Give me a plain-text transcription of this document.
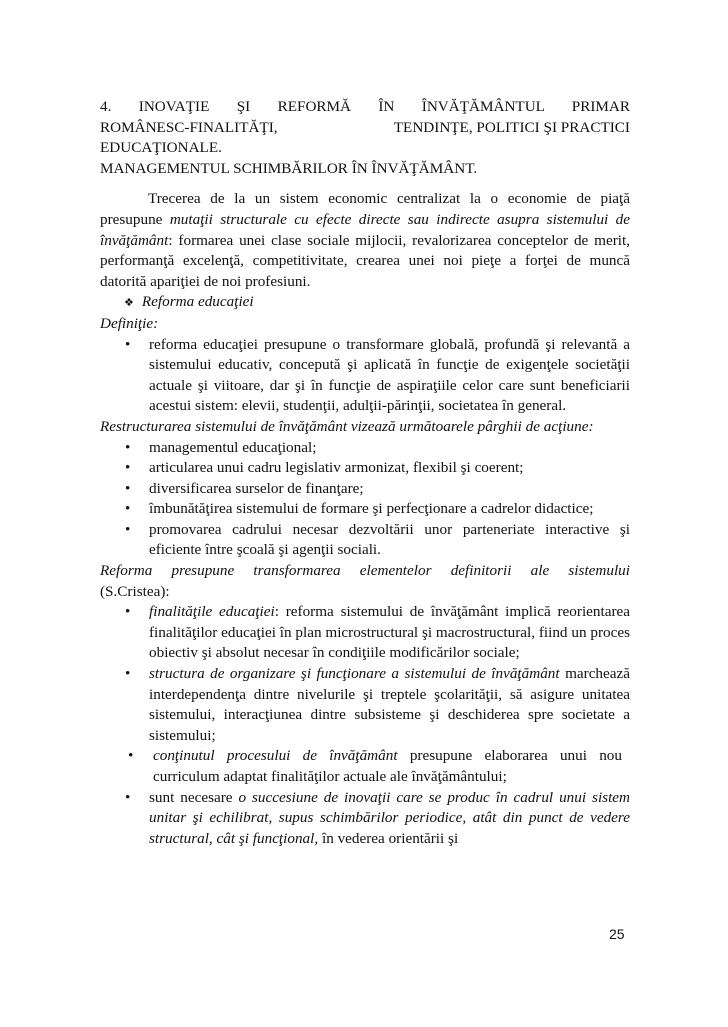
4. INOVAŢIE ŞI REFORMĂ ÎN ÎNVĂŢĂMÂNTUL PRIMAR
ROMÂNESC-FINALITĂŢI,	TENDINŢE, POLITICI ŞI PRACTICI
EDUCAŢIONALE.
MANAGEMENTUL SCHIMBĂRILOR ÎN ÎNVĂŢĂMÂNT.

Trecerea de la un sistem economic centralizat la o economie de piaţă presupune mutaţii structurale cu efecte directe sau indirecte asupra sistemului de învăţământ: formarea unei clase sociale mijlocii, revalorizarea conceptelor de merit, performanţă excelenţă, competitivitate, crearea unei noi pieţe a forţei de muncă datorită apariţiei de noi profesiuni.

❖ Reforma educaţiei
Definiţie:
• reforma educaţiei presupune o transformare globală, profundă şi relevantă a sistemului educativ, concepută şi aplicată în funcţie de exigenţele societăţii actuale şi viitoare, dar şi în funcţie de aspiraţiile celor care sunt beneficiarii acestui sistem: elevii, studenţii, adulţii-părinţii, societatea în general.
Restructurarea sistemului de învăţământ vizează următoarele pârghii de acţiune:
• managementul educaţional;
• articularea unui cadru legislativ armonizat, flexibil şi coerent;
• diversificarea surselor de finanţare;
• îmbunătăţirea sistemului de formare şi perfecţionare a cadrelor didactice;
• promovarea cadrului necesar dezvoltării unor parteneriate interactive şi eficiente între şcoală şi agenţii sociali.
Reforma presupune transformarea elementelor definitorii ale sistemului
(S.Cristea):
• finalităţile educaţiei: reforma sistemului de învăţământ implică reorientarea finalităţilor educaţiei în plan microstructural şi macrostructural, fiind un proces obiectiv şi absolut necesar în condiţiile modificărilor sociale;
• structura de organizare şi funcţionare a sistemului de învăţământ marchează interdependenţa dintre nivelurile şi treptele şcolarităţii, să asigure unitatea sistemului, interacţiunea dintre subsisteme şi deschiderea spre societate a sistemului;
• conţinutul procesului de învăţământ presupune elaborarea unui nou curriculum adaptat finalităţilor actuale ale învăţământului;
• sunt necesare o succesiune de inovaţii care se produc în cadrul unui sistem unitar şi echilibrat, supus schimbărilor periodice, atât din punct de vedere structural, cât şi funcţional, în vederea orientării şi
25
